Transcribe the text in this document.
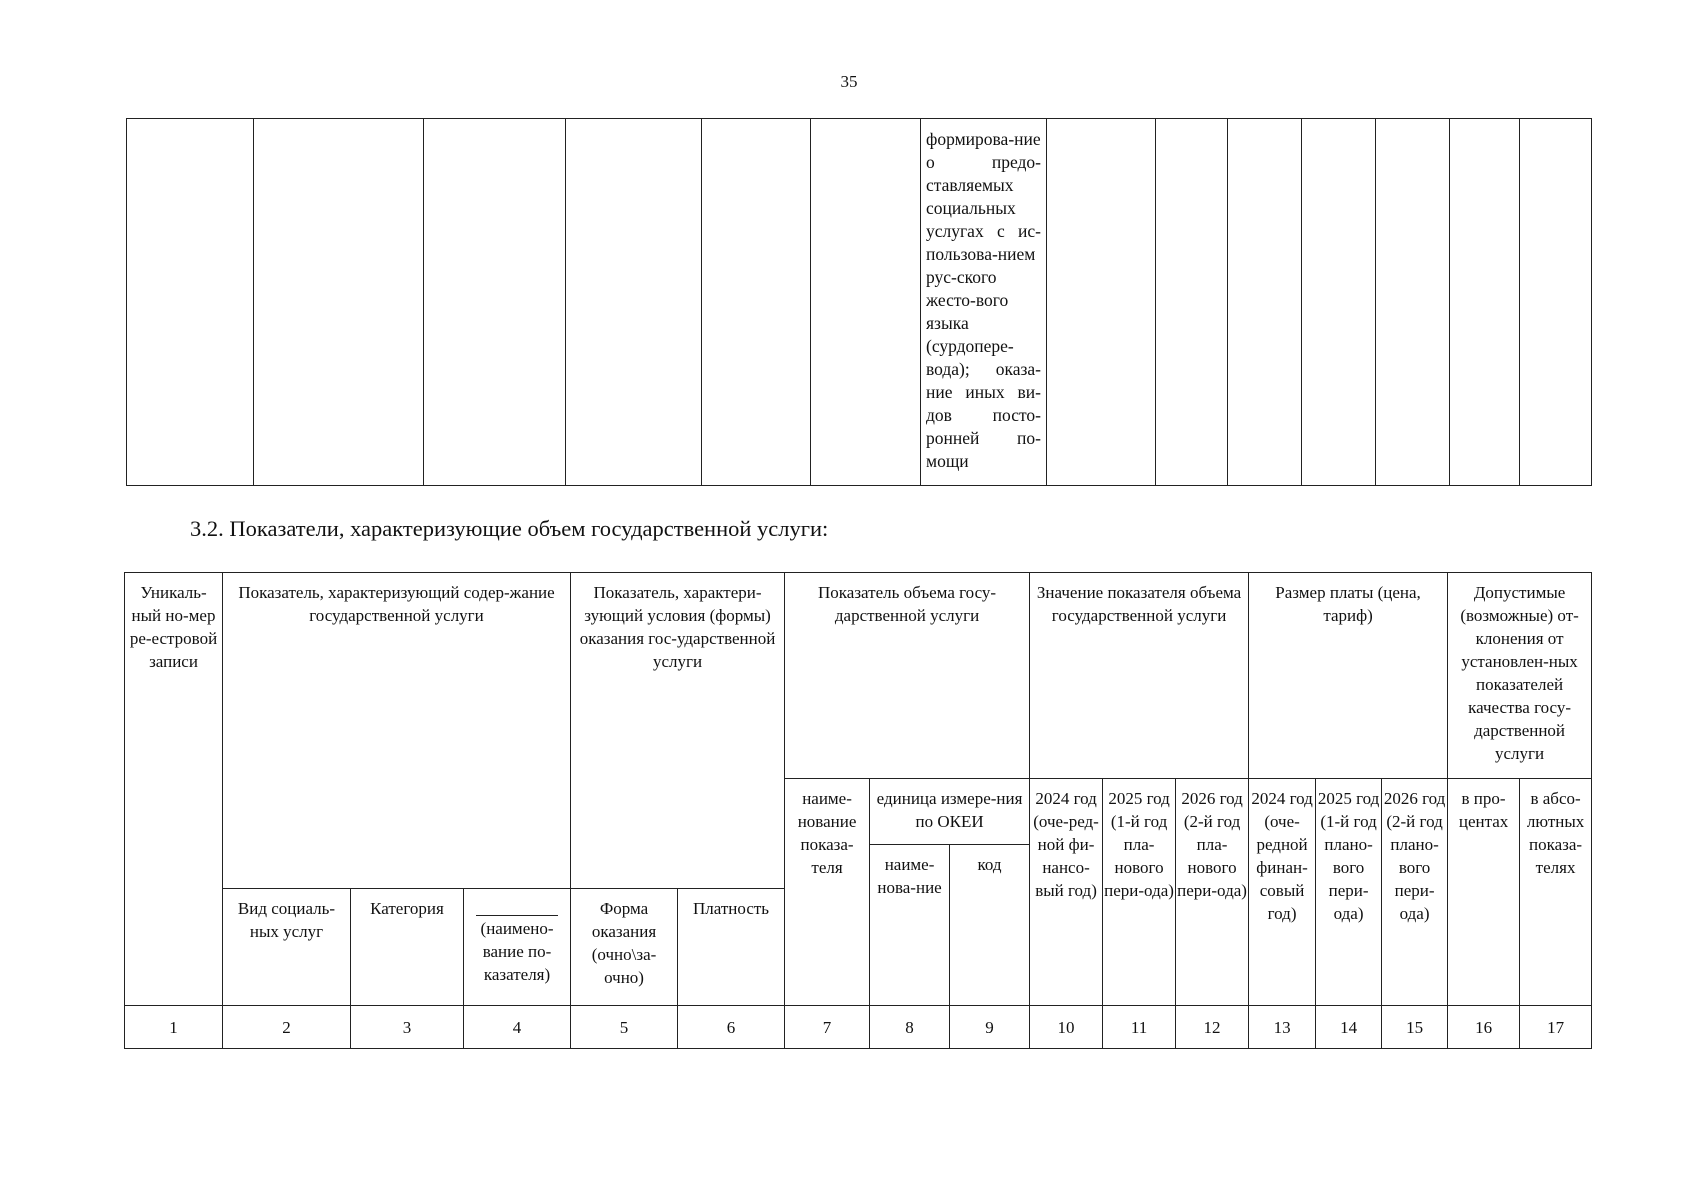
35
						формирова-ние о предо-ставляемых социальных услугах с ис-пользова-нием рус-ского жесто-вого языка (сурдопере-вода); оказа-ние иных ви-дов посто-ронней по-мощи							
3.2. Показатели, характеризующие объем государственной услуги:
Уникаль-ный но-мер ре-естровой записи	Показатель, характеризующий содер-жание государственной услуги			Показатель, характери-зующий условия (формы) оказания гос-ударственной услуги		Показатель объема госу-дарственной услуги			Значение показателя объема государственной услуги			Размер платы (цена, тариф)			Допустимые (возможные) от-клонения от установлен-ных показателей качества госу-дарственной услуги	
						наиме-нование показа-теля	единица измере-ния по ОКЕИ		2024 год (оче-ред-ной фи-нансо-вый год)	2025 год (1-й год пла-нового пери-ода)	2026 год (2-й год пла-нового пери-ода)	2024 год (оче-редной финан-совый год)	2025 год (1-й год плано-вого пери-ода)	2026 год (2-й год плано-вого пери-ода)	в про-центах	в абсо-лютных показа-телях
							наиме-нова-ние	код								
	Вид социаль-ных услуг	Категория	(наимено-вание по-казателя)	Форма оказания (очно\за-очно)	Платность											
1	2	3	4	5	6	7	8	9	10	11	12	13	14	15	16	17
